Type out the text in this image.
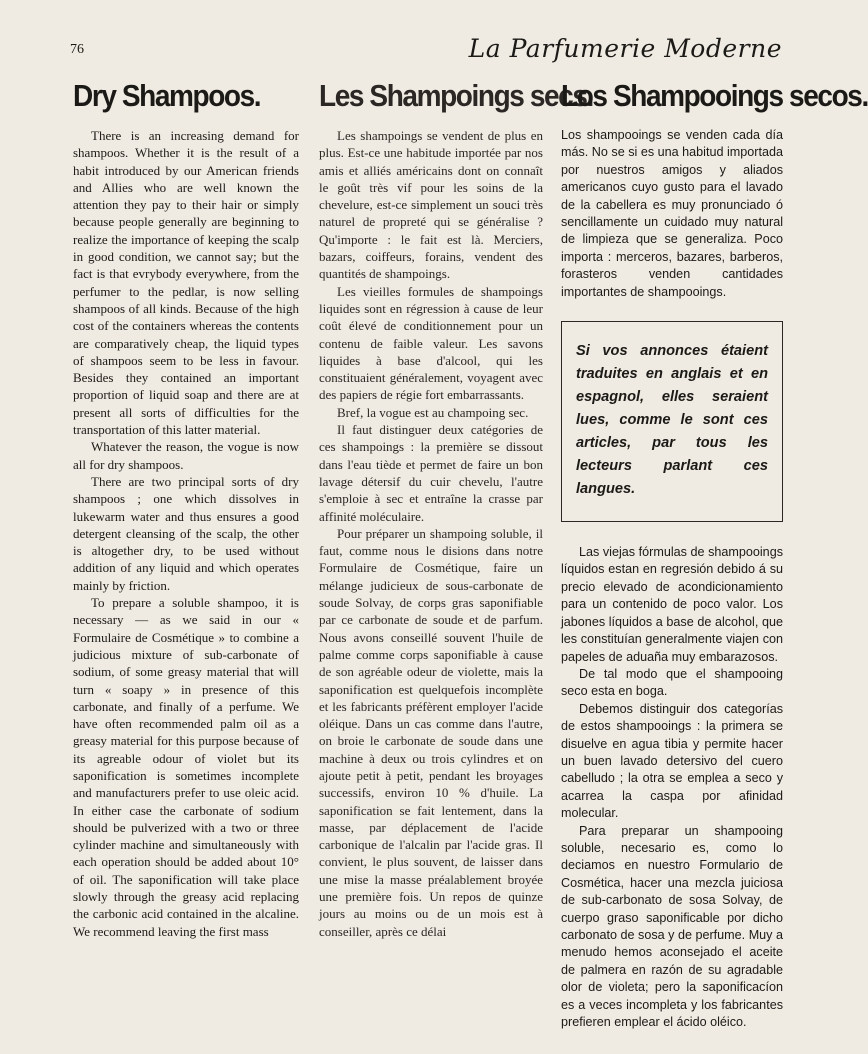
76	La Parfumerie Moderne
Dry Shampoos.

There is an increasing demand for shampoos. Whether it is the result of a habit introduced by our American friends and Allies who are well known the attention they pay to their hair or simply because people generally are beginning to realize the importance of keeping the scalp in good condition, we cannot say; but the fact is that evrybody everywhere, from the perfumer to the pedlar, is now selling shampoos of all kinds. Because of the high cost of the containers whereas the contents are comparatively cheap, the liquid types of shampoos seem to be less in favour. Besides they contained an important proportion of liquid soap and there are at present all sorts of difficulties for the transportation of this latter material.

Whatever the reason, the vogue is now all for dry shampoos.

There are two principal sorts of dry shampoos ; one which dissolves in lukewarm water and thus ensures a good detergent cleansing of the scalp, the other is altogether dry, to be used without addition of any liquid and which operates mainly by friction.

To prepare a soluble shampoo, it is necessary — as we said in our « Formulaire de Cosmétique » to combine a judicious mixture of sub-carbonate of sodium, of some greasy material that will turn « soapy » in presence of this carbonate, and finally of a perfume. We have often recommended palm oil as a greasy material for this purpose because of its agreable odour of violet but its saponification is sometimes incomplete and manufacturers prefer to use oleic acid. In either case the carbonate of sodium should be pulverized with a two or three cylinder machine and simultaneously with each operation should be added about 10° of oil. The saponification will take place slowly through the greasy acid replacing the carbonic acid contained in the alcaline. We recommend leaving the first mass

Les Shampoings secs.

Les shampoings se vendent de plus en plus. Est-ce une habitude importée par nos amis et alliés américains dont on connaît le goût très vif pour les soins de la chevelure, est-ce simplement un souci très naturel de propreté qui se généralise ? Qu'importe : le fait est là. Merciers, bazars, coiffeurs, forains, vendent des quantités de shampoings.

Les vieilles formules de shampoings liquides sont en régression à cause de leur coût élevé de conditionnement pour un contenu de faible valeur. Les savons liquides à base d'alcool, qui les constituaient généralement, voyagent avec des papiers de régie fort embarrassants.

Bref, la vogue est au champoing sec.

Il faut distinguer deux catégories de ces shampoings : la première se dissout dans l'eau tiède et permet de faire un bon lavage détersif du cuir chevelu, l'autre s'emploie à sec et entraîne la crasse par affinité moléculaire.

Pour préparer un shampoing soluble, il faut, comme nous le disions dans notre Formulaire de Cosmétique, faire un mélange judicieux de sous-carbonate de soude Solvay, de corps gras saponifiable par ce carbonate de soude et de parfum. Nous avons conseillé souvent l'huile de palme comme corps saponifiable à cause de son agréable odeur de violette, mais la saponification est quelquefois incomplète et les fabricants préfèrent employer l'acide oléique. Dans un cas comme dans l'autre, on broie le carbonate de soude dans une machine à deux ou trois cylindres et on ajoute petit à petit, pendant les broyages successifs, environ 10 % d'huile. La saponification se fait lentement, dans la masse, par déplacement de l'acide carbonique de l'alcalin par l'acide gras. Il convient, le plus souvent, de laisser dans une mise la masse préalablement broyée une première fois. Un repos de quinze jours au moins ou de un mois est à conseiller, après ce délai

Los Shampooings secos.

Los shampooings se venden cada día más. No se si es una habitud importada por nuestros amigos y aliados americanos cuyo gusto para el lavado de la cabellera es muy pronunciado ó sencillamente un cuidado muy natural de limpieza que se generaliza. Poco importa : merceros, bazares, barberos, forasteros venden cantidades importantes de shampooings.

Si vos annonces étaient traduites en anglais et en espagnol, elles seraient lues, comme le sont ces articles, par tous les lecteurs parlant ces langues.

Las viejas fórmulas de shampooings líquidos estan en regresión debido á su precio elevado de acondicionamiento para un contenido de poco valor. Los jabones líquidos a base de alcohol, que les constituían generalmente viajen con papeles de aduaña muy embarazosos.

De tal modo que el shampooing seco esta en boga.

Debemos distinguir dos categorías de estos shampooings : la primera se disuelve en agua tibia y permite hacer un buen lavado detersivo del cuero cabelludo ; la otra se emplea a seco y acarrea la caspa por afinidad molecular.

Para preparar un shampooing soluble, necesario es, como lo deciamos en nuestro Formulario de Cosmética, hacer una mezcla juiciosa de sub-carbonato de sosa Solvay, de cuerpo graso saponificable por dicho carbonato de sosa y de perfume. Muy a menudo hemos aconsejado el aceite de palmera en razón de su agradable olor de violeta; pero la saponificacíon es a veces incompleta y los fabricantes prefieren emplear el ácido oléico.
